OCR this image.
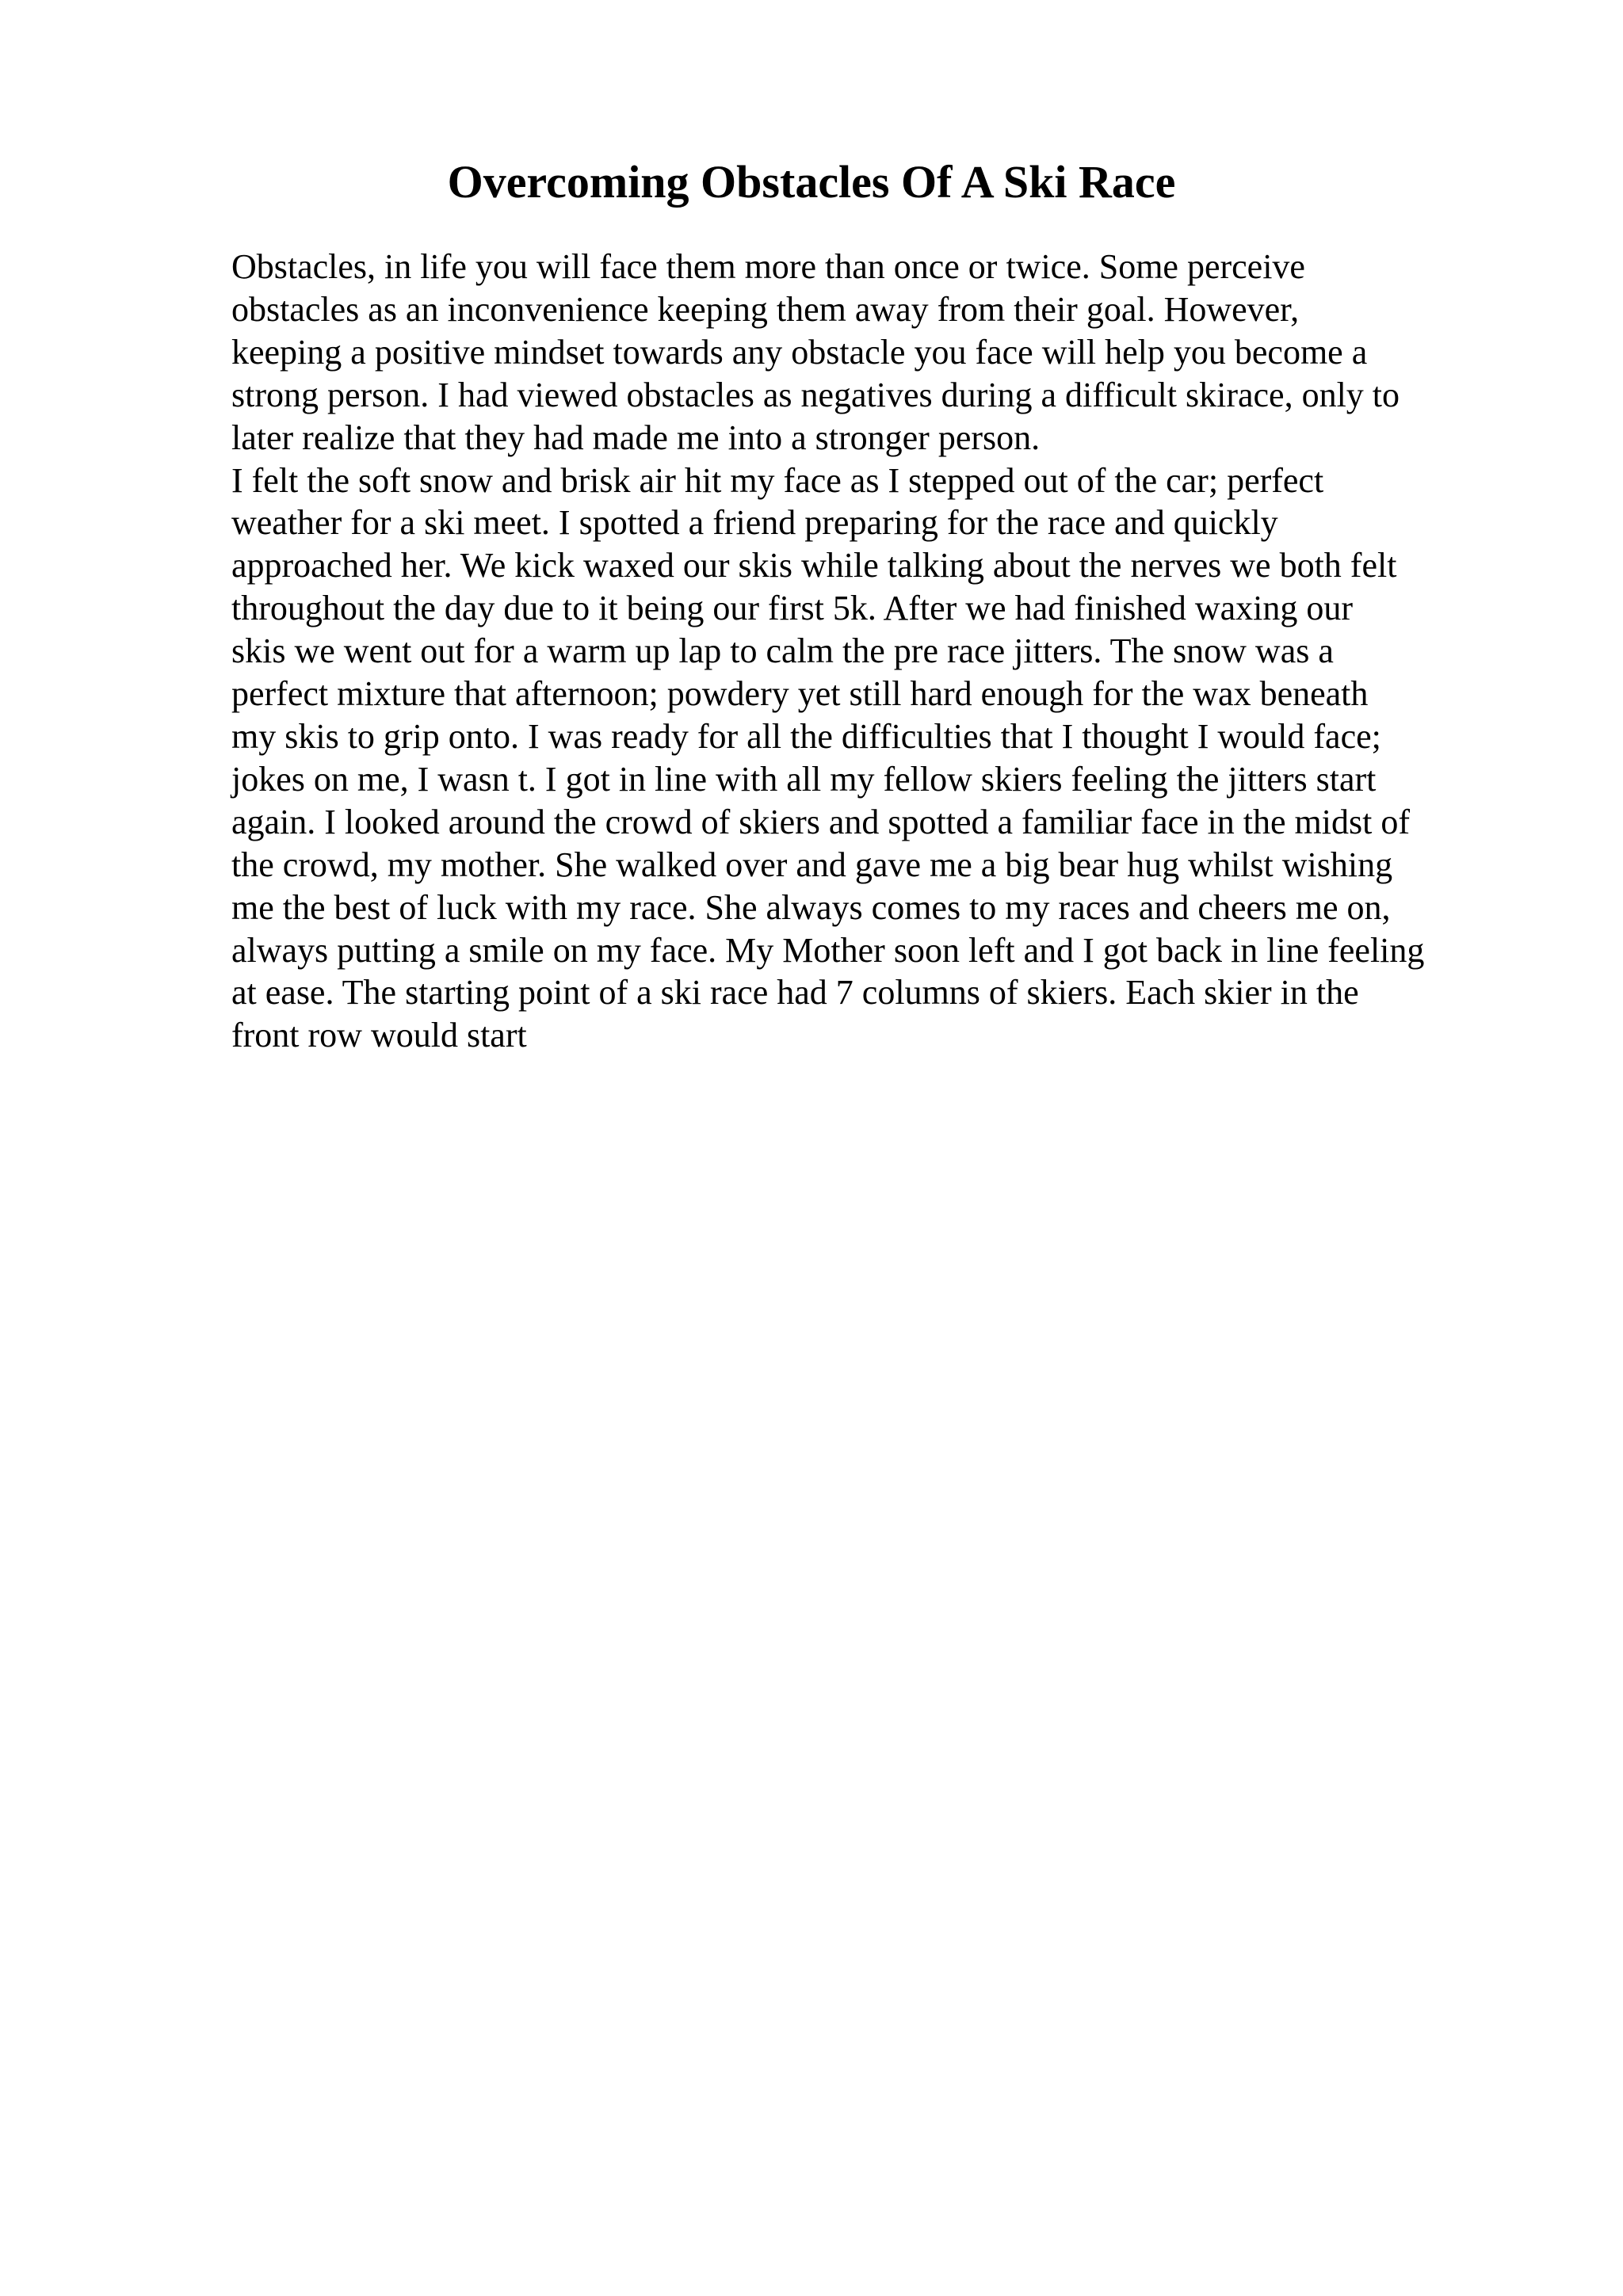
Overcoming Obstacles Of A Ski Race
Obstacles, in life you will face them more than once or twice. Some perceive
obstacles as an inconvenience keeping them away from their goal. However,
keeping a positive mindset towards any obstacle you face will help you become a
strong person. I had viewed obstacles as negatives during a difficult skirace, only to
later realize that they had made me into a stronger person.
I felt the soft snow and brisk air hit my face as I stepped out of the car; perfect
weather for a ski meet. I spotted a friend preparing for the race and quickly
approached her. We kick waxed our skis while talking about the nerves we both felt
throughout the day due to it being our first 5k. After we had finished waxing our
skis we went out for a warm up lap to calm the pre race jitters. The snow was a
perfect mixture that afternoon; powdery yet still hard enough for the wax beneath
my skis to grip onto. I was ready for all the difficulties that I thought I would face;
jokes on me, I wasn t. I got in line with all my fellow skiers feeling the jitters start
again. I looked around the crowd of skiers and spotted a familiar face in the midst of
the crowd, my mother. She walked over and gave me a big bear hug whilst wishing
me the best of luck with my race. She always comes to my races and cheers me on,
always putting a smile on my face. My Mother soon left and I got back in line feeling
at ease. The starting point of a ski race had 7 columns of skiers. Each skier in the
front row would start
